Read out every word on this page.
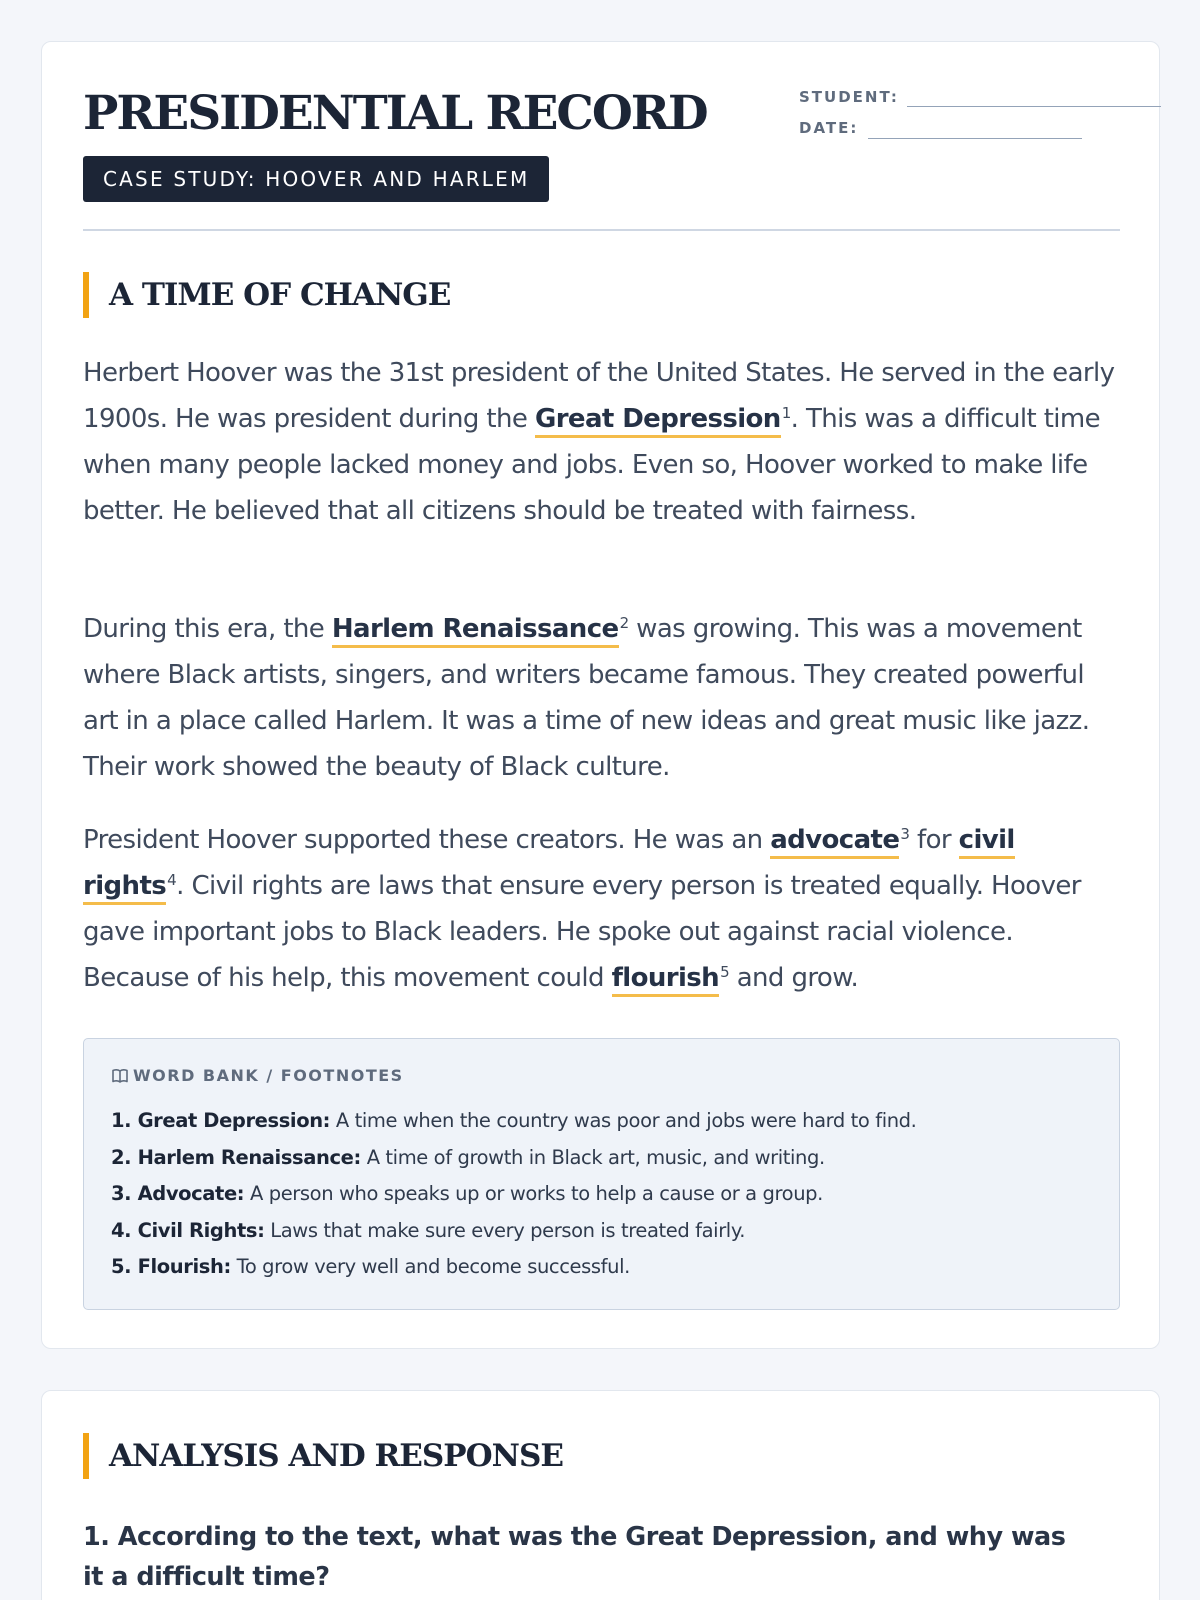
PRESIDENTIAL RECORD
CASE STUDY: HOOVER AND HARLEM
STUDENT:
DATE:
A TIME OF CHANGE

Herbert Hoover was the 31st president of the United States. He served in the early 1900s. He was president during the Great Depression$^1$. This was a difficult time when many people lacked money and jobs. Even so, Hoover worked to make life better. He believed that all citizens should be treated with fairness.

During this era, the Harlem Renaissance$^2$ was growing. This was a movement where Black artists, singers, and writers became famous. They created powerful art in a place called Harlem. It was a time of new ideas and great music like jazz. Their work showed the beauty of Black culture.

President Hoover supported these creators. He was an advocate$^3$ for civil rights$^4$. Civil rights are laws that ensure every person is treated equally. Hoover gave important jobs to Black leaders. He spoke out against racial violence. Because of his help, this movement could flourish$^5$ and grow.

WORD BANK / FOOTNOTES
1. Great Depression: A time when the country was poor and jobs were hard to find.
2. Harlem Renaissance: A time of growth in Black art, music, and writing.
3. Advocate: A person who speaks up or works to help a cause or a group.
4. Civil Rights: Laws that make sure every person is treated fairly.
5. Flourish: To grow very well and become successful.
ANALYSIS AND RESPONSE

1. According to the text, what was the Great Depression, and why was it a difficult time?
